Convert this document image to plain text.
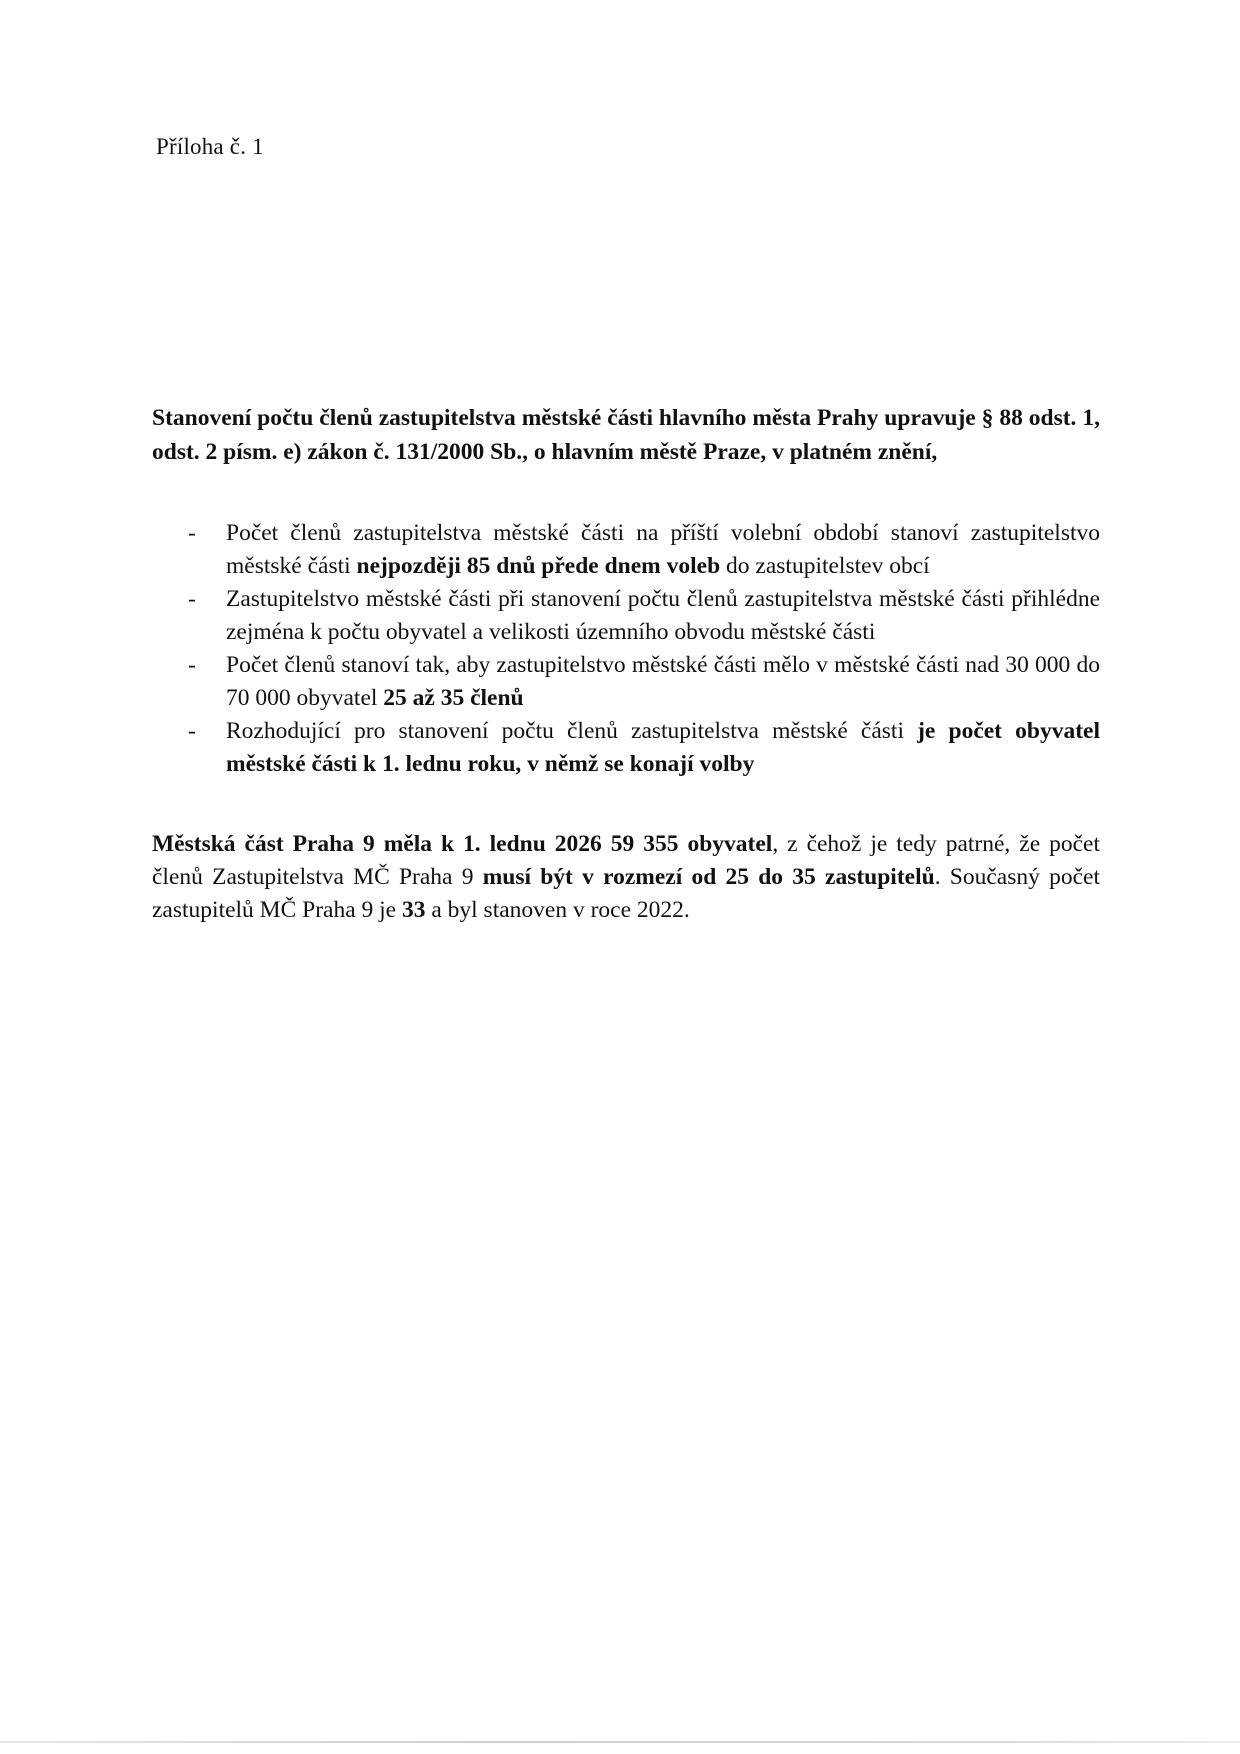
Příloha č. 1
Stanovení počtu členů zastupitelstva městské části hlavního města Prahy upravuje § 88 odst. 1, odst. 2 písm. e) zákon č. 131/2000 Sb., o hlavním městě Praze, v platném znění,
- Počet členů zastupitelstva městské části na příští volební období stanoví zastupitelstvo městské části nejpozději 85 dnů přede dnem voleb do zastupitelstev obcí
- Zastupitelstvo městské části při stanovení počtu členů zastupitelstva městské části přihlédne zejména k počtu obyvatel a velikosti územního obvodu městské části
- Počet členů stanoví tak, aby zastupitelstvo městské části mělo v městské části nad 30 000 do 70 000 obyvatel 25 až 35 členů
- Rozhodující pro stanovení počtu členů zastupitelstva městské části je počet obyvatel městské části k 1. lednu roku, v němž se konají volby
Městská část Praha 9 měla k 1. lednu 2026 59 355 obyvatel, z čehož je tedy patrné, že počet členů Zastupitelstva MČ Praha 9 musí být v rozmezí od 25 do 35 zastupitelů. Současný počet zastupitelů MČ Praha 9 je 33 a byl stanoven v roce 2022.
